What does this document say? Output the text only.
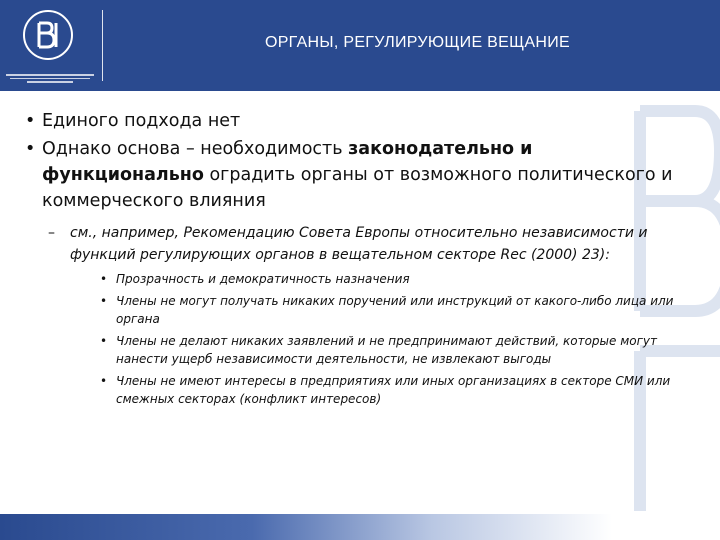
ОРГАНЫ, РЕГУЛИРУЮЩИЕ ВЕЩАНИЕ
• Единого подхода нет
• Однако основа – необходимость законодательно и функционально оградить органы от возможного политического и коммерческого влияния
– см., например, Рекомендацию Совета Европы относительно независимости и функций регулирующих органов в вещательном секторе Rec (2000) 23):
• Прозрачность и демократичность назначения
• Члены не могут получать никаких поручений или инструкций от какого-либо лица или органа
• Члены не делают никаких заявлений и не предпринимают действий, которые могут нанести ущерб независимости деятельности, не извлекают выгоды
• Члены не имеют интересы в предприятиях или иных организациях в секторе СМИ или смежных секторах (конфликт интересов)
